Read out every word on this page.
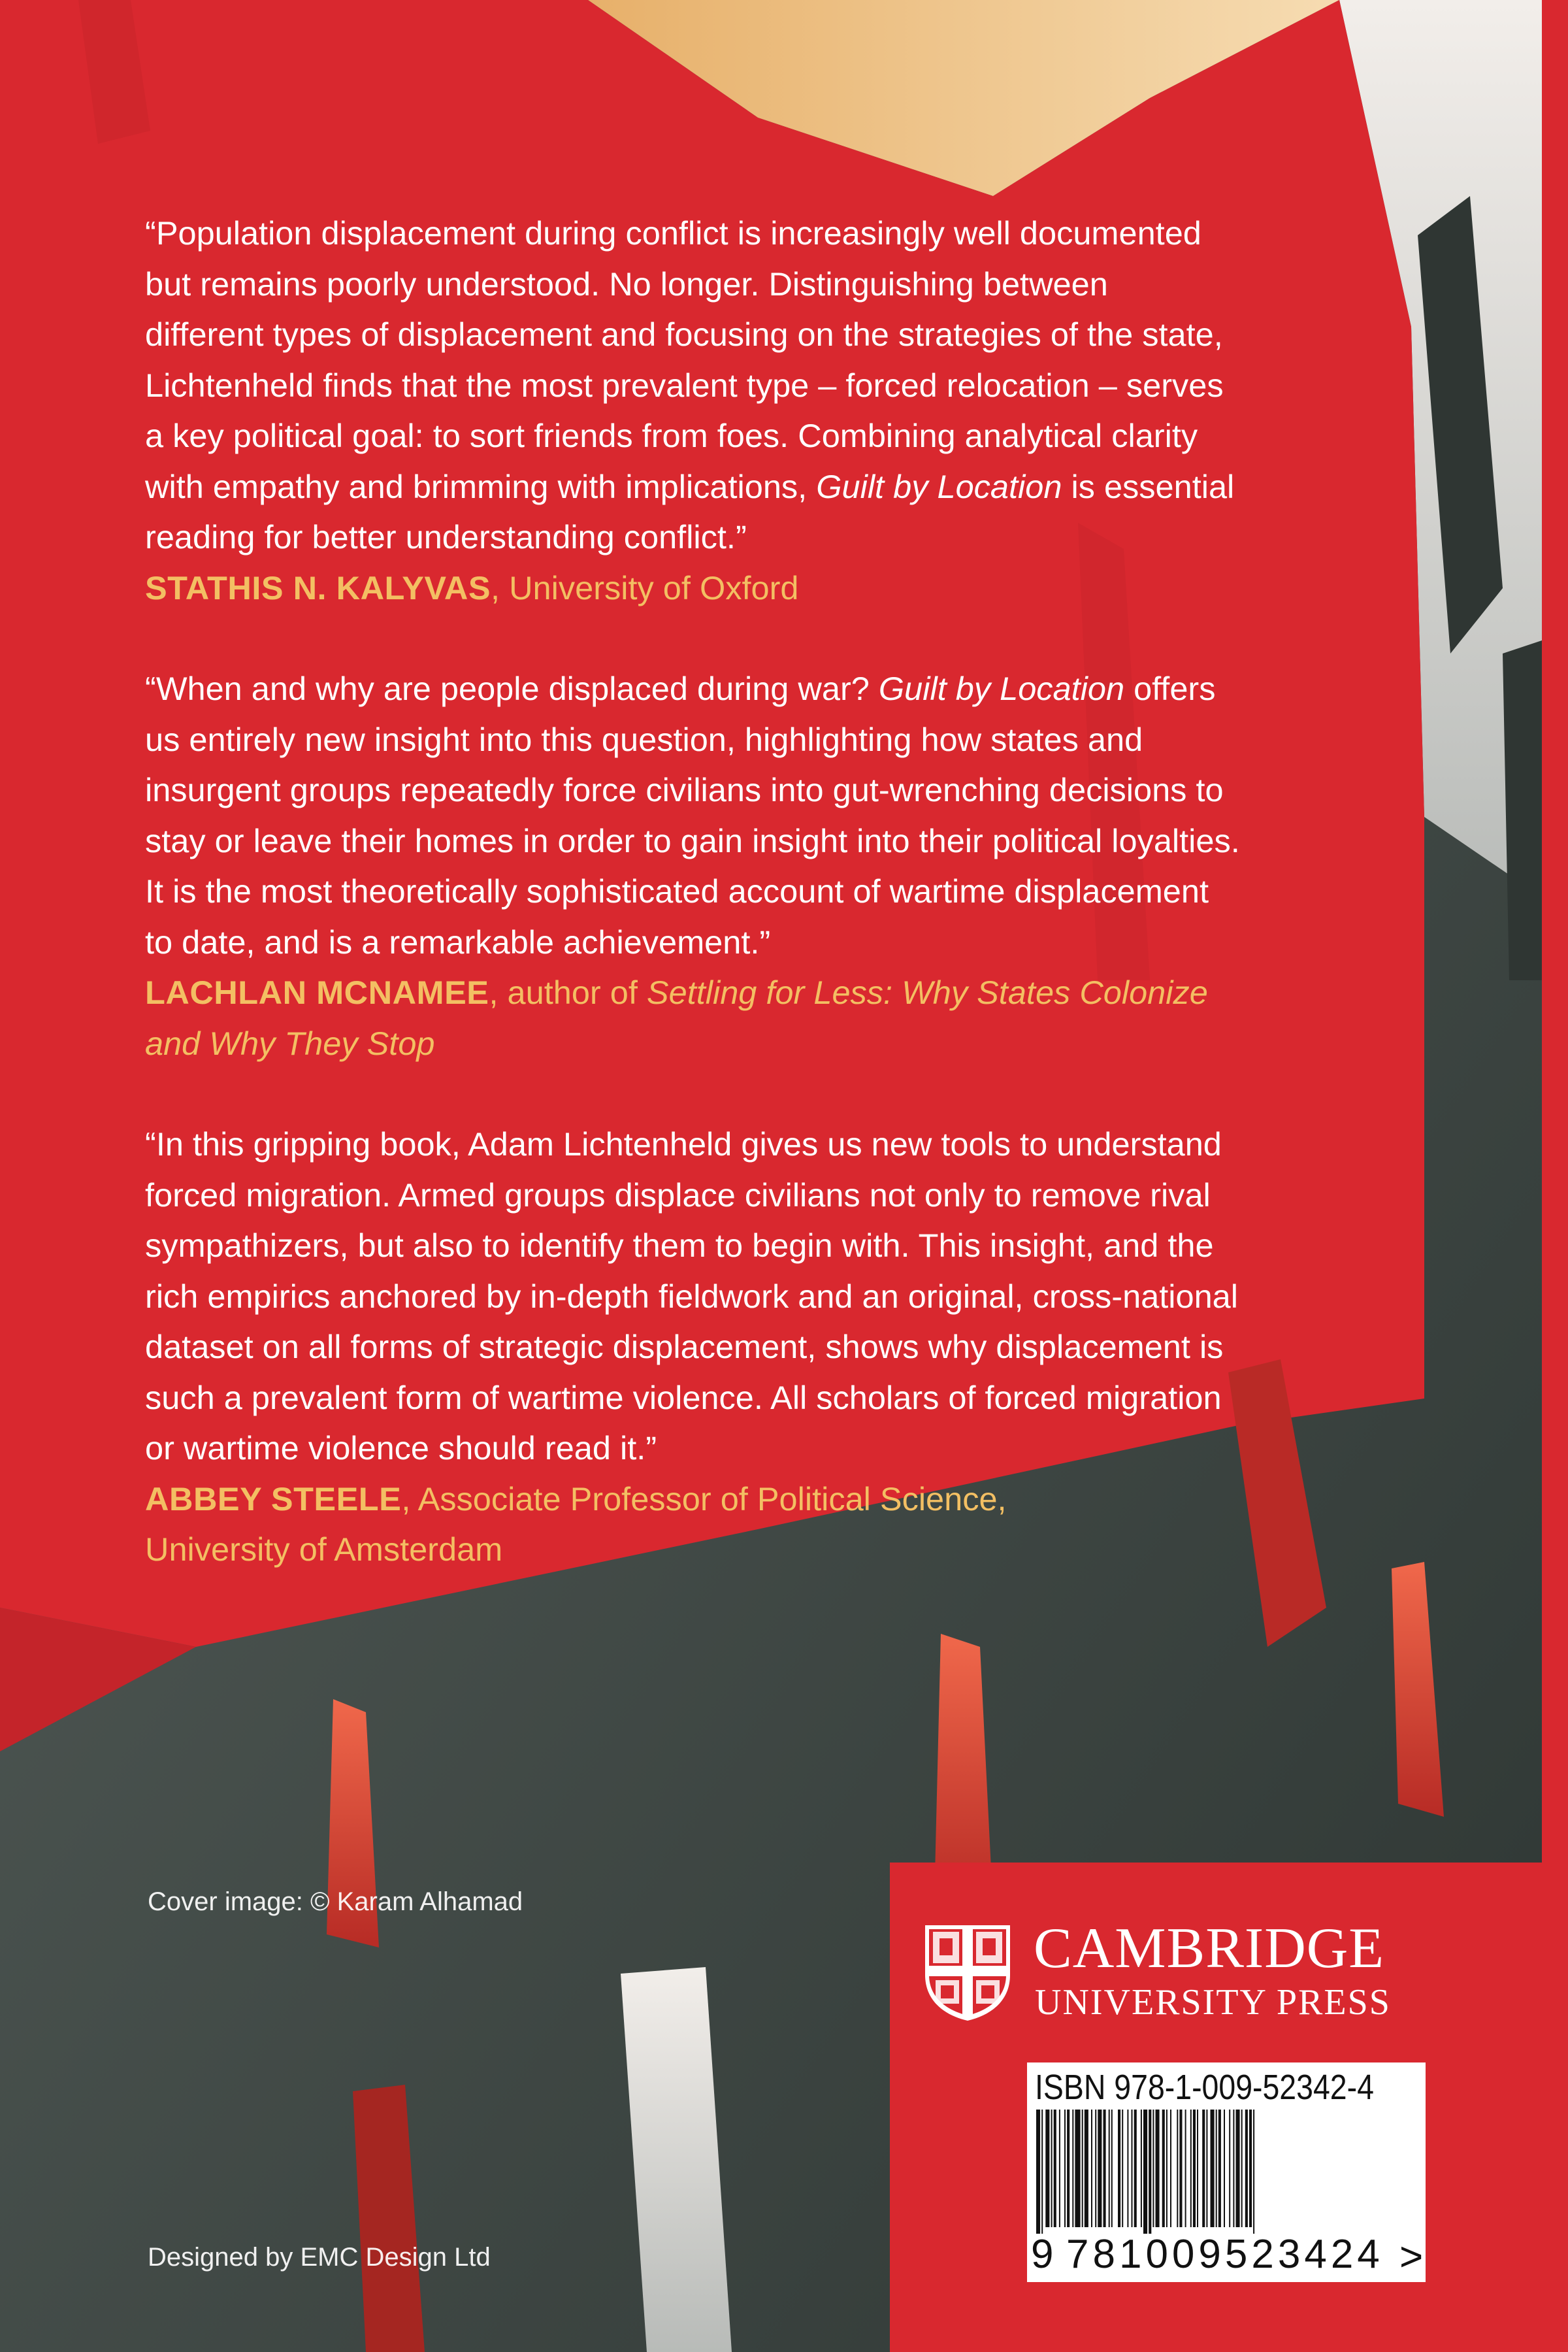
“Population displacement during conflict is increasingly well documented
but remains poorly understood. No longer. Distinguishing between
different types of displacement and focusing on the strategies of the state,
Lichtenheld finds that the most prevalent type – forced relocation – serves
a key political goal: to sort friends from foes. Combining analytical clarity
with empathy and brimming with implications, Guilt by Location is essential
reading for better understanding conflict.”
STATHIS N. KALYVAS, University of Oxford
“When and why are people displaced during war? Guilt by Location offers
us entirely new insight into this question, highlighting how states and
insurgent groups repeatedly force civilians into gut-wrenching decisions to
stay or leave their homes in order to gain insight into their political loyalties.
It is the most theoretically sophisticated account of wartime displacement
to date, and is a remarkable achievement.”
LACHLAN MCNAMEE, author of Settling for Less: Why States Colonize
and Why They Stop
“In this gripping book, Adam Lichtenheld gives us new tools to understand
forced migration. Armed groups displace civilians not only to remove rival
sympathizers, but also to identify them to begin with. This insight, and the
rich empirics anchored by in-depth fieldwork and an original, cross-national
dataset on all forms of strategic displacement, shows why displacement is
such a prevalent form of wartime violence. All scholars of forced migration
or wartime violence should read it.”
ABBEY STEELE, Associate Professor of Political Science,
University of Amsterdam
Cover image: © Karam Alhamad
Designed by EMC Design Ltd
CAMBRIDGE
UNIVERSITY PRESS
ISBN 978-1-009-52342-4
9 781009523424 >
